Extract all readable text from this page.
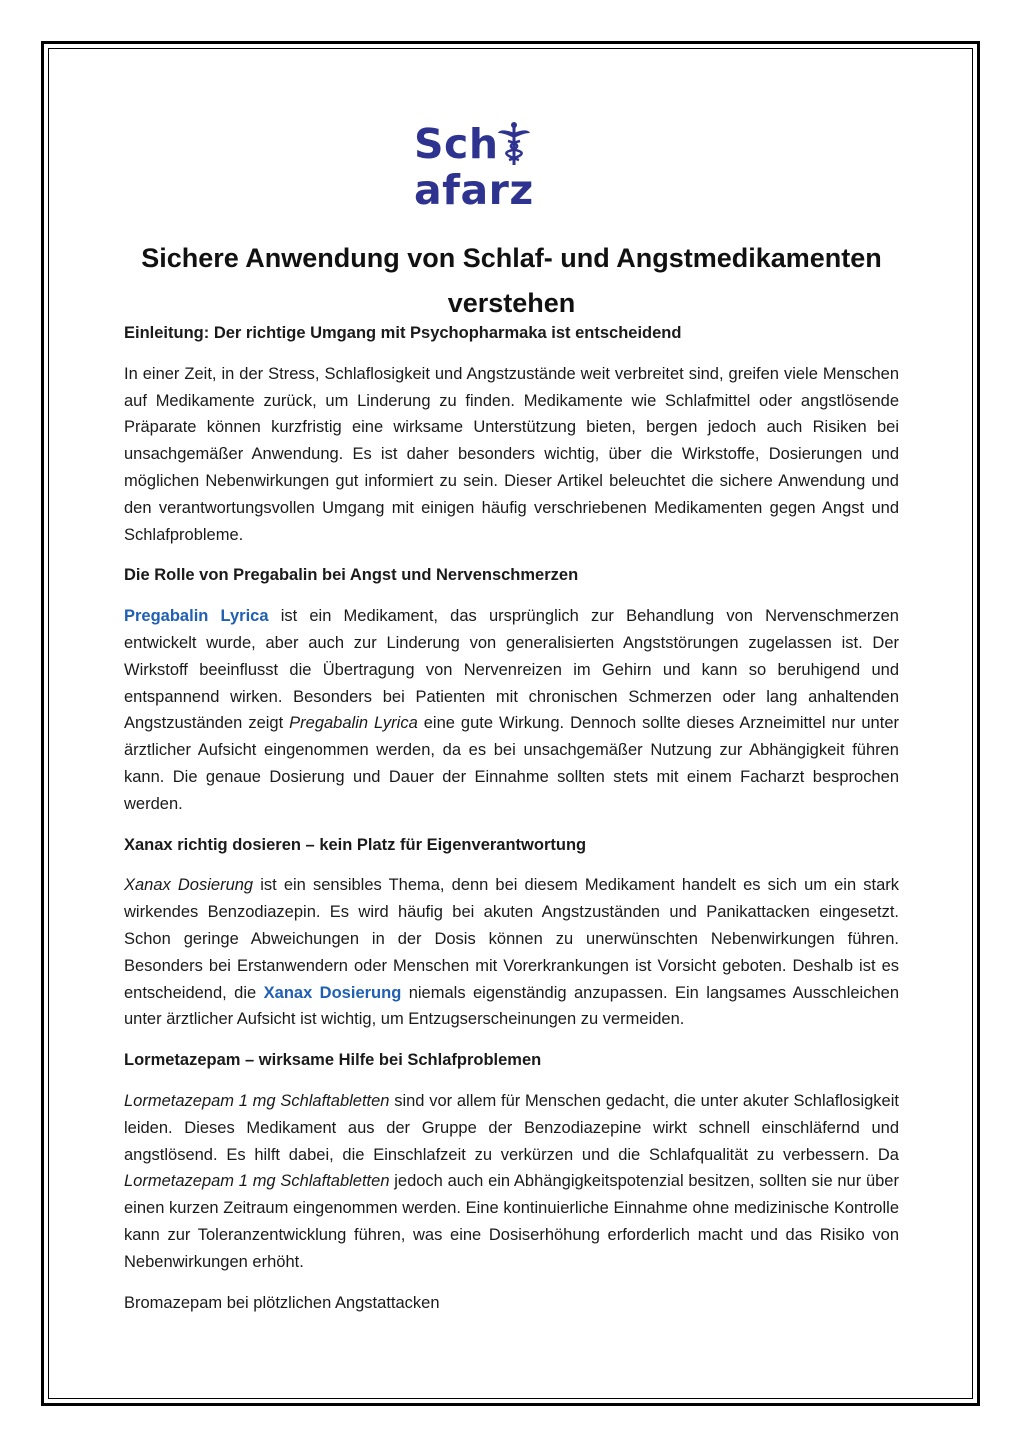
Schafarz
Sichere Anwendung von Schlaf- und Angstmedikamenten verstehen

Einleitung: Der richtige Umgang mit Psychopharmaka ist entscheidend

In einer Zeit, in der Stress, Schlaflosigkeit und Angstzustände weit verbreitet sind, greifen viele Menschen auf Medikamente zurück, um Linderung zu finden. Medikamente wie Schlafmittel oder angstlösende Präparate können kurzfristig eine wirksame Unterstützung bieten, bergen jedoch auch Risiken bei unsachgemäßer Anwendung. Es ist daher besonders wichtig, über die Wirkstoffe, Dosierungen und möglichen Nebenwirkungen gut informiert zu sein. Dieser Artikel beleuchtet die sichere Anwendung und den verantwortungsvollen Umgang mit einigen häufig verschriebenen Medikamenten gegen Angst und Schlafprobleme.

Die Rolle von Pregabalin bei Angst und Nervenschmerzen

Pregabalin Lyrica ist ein Medikament, das ursprünglich zur Behandlung von Nervenschmerzen entwickelt wurde, aber auch zur Linderung von generalisierten Angststörungen zugelassen ist. Der Wirkstoff beeinflusst die Übertragung von Nervenreizen im Gehirn und kann so beruhigend und entspannend wirken. Besonders bei Patienten mit chronischen Schmerzen oder lang anhaltenden Angstzuständen zeigt Pregabalin Lyrica eine gute Wirkung. Dennoch sollte dieses Arzneimittel nur unter ärztlicher Aufsicht eingenommen werden, da es bei unsachgemäßer Nutzung zur Abhängigkeit führen kann. Die genaue Dosierung und Dauer der Einnahme sollten stets mit einem Facharzt besprochen werden.

Xanax richtig dosieren – kein Platz für Eigenverantwortung

Xanax Dosierung ist ein sensibles Thema, denn bei diesem Medikament handelt es sich um ein stark wirkendes Benzodiazepin. Es wird häufig bei akuten Angstzuständen und Panikattacken eingesetzt. Schon geringe Abweichungen in der Dosis können zu unerwünschten Nebenwirkungen führen. Besonders bei Erstanwendern oder Menschen mit Vorerkrankungen ist Vorsicht geboten. Deshalb ist es entscheidend, die Xanax Dosierung niemals eigenständig anzupassen. Ein langsames Ausschleichen unter ärztlicher Aufsicht ist wichtig, um Entzugserscheinungen zu vermeiden.

Lormetazepam – wirksame Hilfe bei Schlafproblemen

Lormetazepam 1 mg Schlaftabletten sind vor allem für Menschen gedacht, die unter akuter Schlaflosigkeit leiden. Dieses Medikament aus der Gruppe der Benzodiazepine wirkt schnell einschläfernd und angstlösend. Es hilft dabei, die Einschlafzeit zu verkürzen und die Schlafqualität zu verbessern. Da Lormetazepam 1 mg Schlaftabletten jedoch auch ein Abhängigkeitspotenzial besitzen, sollten sie nur über einen kurzen Zeitraum eingenommen werden. Eine kontinuierliche Einnahme ohne medizinische Kontrolle kann zur Toleranzentwicklung führen, was eine Dosiserhöhung erforderlich macht und das Risiko von Nebenwirkungen erhöht.

Bromazepam bei plötzlichen Angstattacken
